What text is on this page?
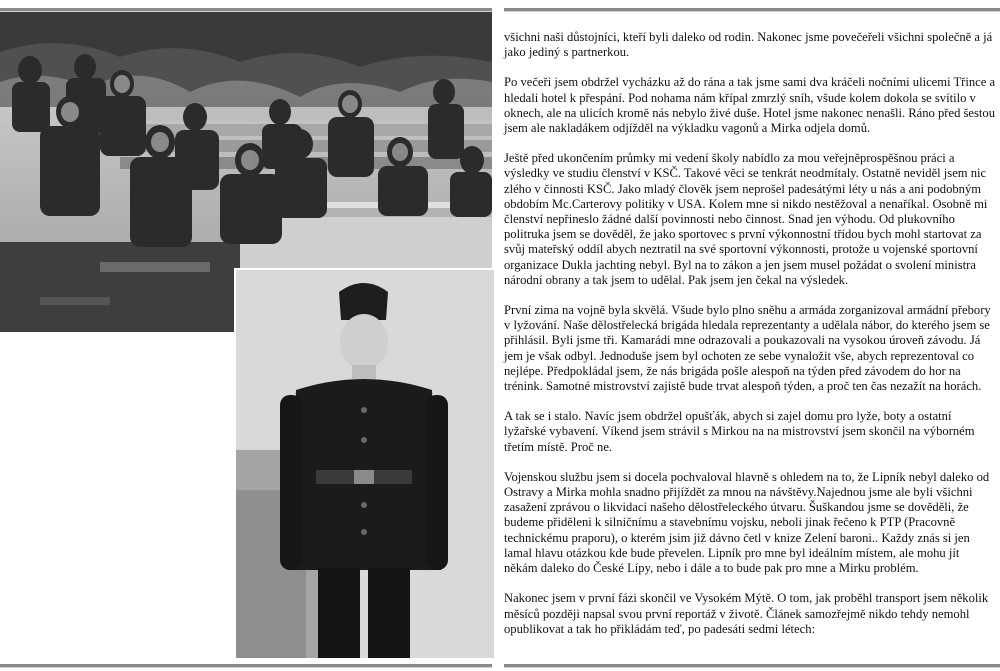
všichni naši důstojníci, kteří byli daleko od rodin. Nakonec jsme povečeřeli všichni společně a já jako jediný s partnerkou.

Po večeři jsem obdržel vycházku až do rána a tak jsme sami dva kráčeli nočními ulicemi Třince a hledali hotel k přespání. Pod nohama nám křípal zmrzlý sníh, všude kolem dokola se svítilo v oknech, ale na ulicích kromě nás nebylo živé duše. Hotel jsme nakonec nenašli. Ráno před šestou jsem ale nakladákem odjížděl na výkladku vagonů a Mirka odjela domů.

Ještě před ukončením průmky mi vedení školy nabídlo za mou veřejněprospěšnou práci a výsledky ve studiu členství v KSČ. Takové věci se tenkrát neodmítaly. Ostatně neviděl jsem nic zlého v činnosti KSČ. Jako mladý člověk jsem neprošel padesátými léty u nás a ani podobným obdobím Mc.Carterovy politiky v USA. Kolem mne si nikdo nestěžoval a nenaříkal. Osobně mi členství nepřineslo žádné další povinnosti nebo činnost. Snad jen výhodu. Od plukovního politruka jsem se dověděl, že jako sportovec s první výkonnostní třídou bych mohl startovat za svůj mateřský oddíl abych neztratil na své sportovní výkonnosti, protože u vojenské sportovní organizace Dukla jachting nebyl. Byl na to zákon a jen jsem musel požádat o svolení ministra národní obrany a tak jsem to udělal. Pak jsem jen čekal na výsledek.

První zima na vojně byla skvělá. Všude bylo plno sněhu a armáda zorganizoval armádní přebory v lyžování. Naše dělostřelecká brigáda hledala reprezentanty a udělala nábor, do kterého jsem se přihlásil. Byli jsme tři. Kamarádi mne odrazovali a poukazovali na vysokou úroveň závodu. Já jem je však odbyl. Jednoduše jsem byl ochoten ze sebe vynaložit vše, abych reprezentoval co nejlépe. Předpokládal jsem, že nás brigáda pošle alespoň na týden před závodem do hor na trénink. Samotné mistrovství zajistě bude trvat alespoň týden, a proč ten čas nezažít na horách.

A tak se i stalo. Navíc jsem obdržel opušťák, abych si zajel domu pro lyže, boty a ostatní lyžařské vybavení. Víkend jsem strávil s Mirkou na na mistrovství jsem skončil na výborném třetím místě. Proč ne.

Vojenskou službu jsem si docela pochvaloval hlavně s ohledem na to, že Lipník nebyl daleko od Ostravy a Mirka mohla snadno přijíždět za mnou na návštěvy.Najednou jsme ale byli všichni zasažení zprávou o likvidaci našeho dělostřeleckého útvaru. Šuškandou jsme se dověděli, že budeme přiděleni k silničnímu a stavebnímu vojsku, neboli jinak řečeno k PTP (Pracovně technickému praporu), o kterém jsim již dávno četl v knize Zelení baroni.. Každy znás si jen lamal hlavu otázkou kde bude převelen. Lipník pro mne byl ideálním místem, ale mohu jít někám daleko do České Lípy, nebo i dále a to bude pak pro mne a Mirku problém.

Nakonec jsem v první fázi skončil ve Vysokém Mýtě. O tom, jak proběhl transport jsem několik měsíců později napsal svou první reportáž v životě. Článek samozřejmě nikdo tehdy nemohl opublikovat a tak ho přikládám teď, po padesáti sedmi létech:
